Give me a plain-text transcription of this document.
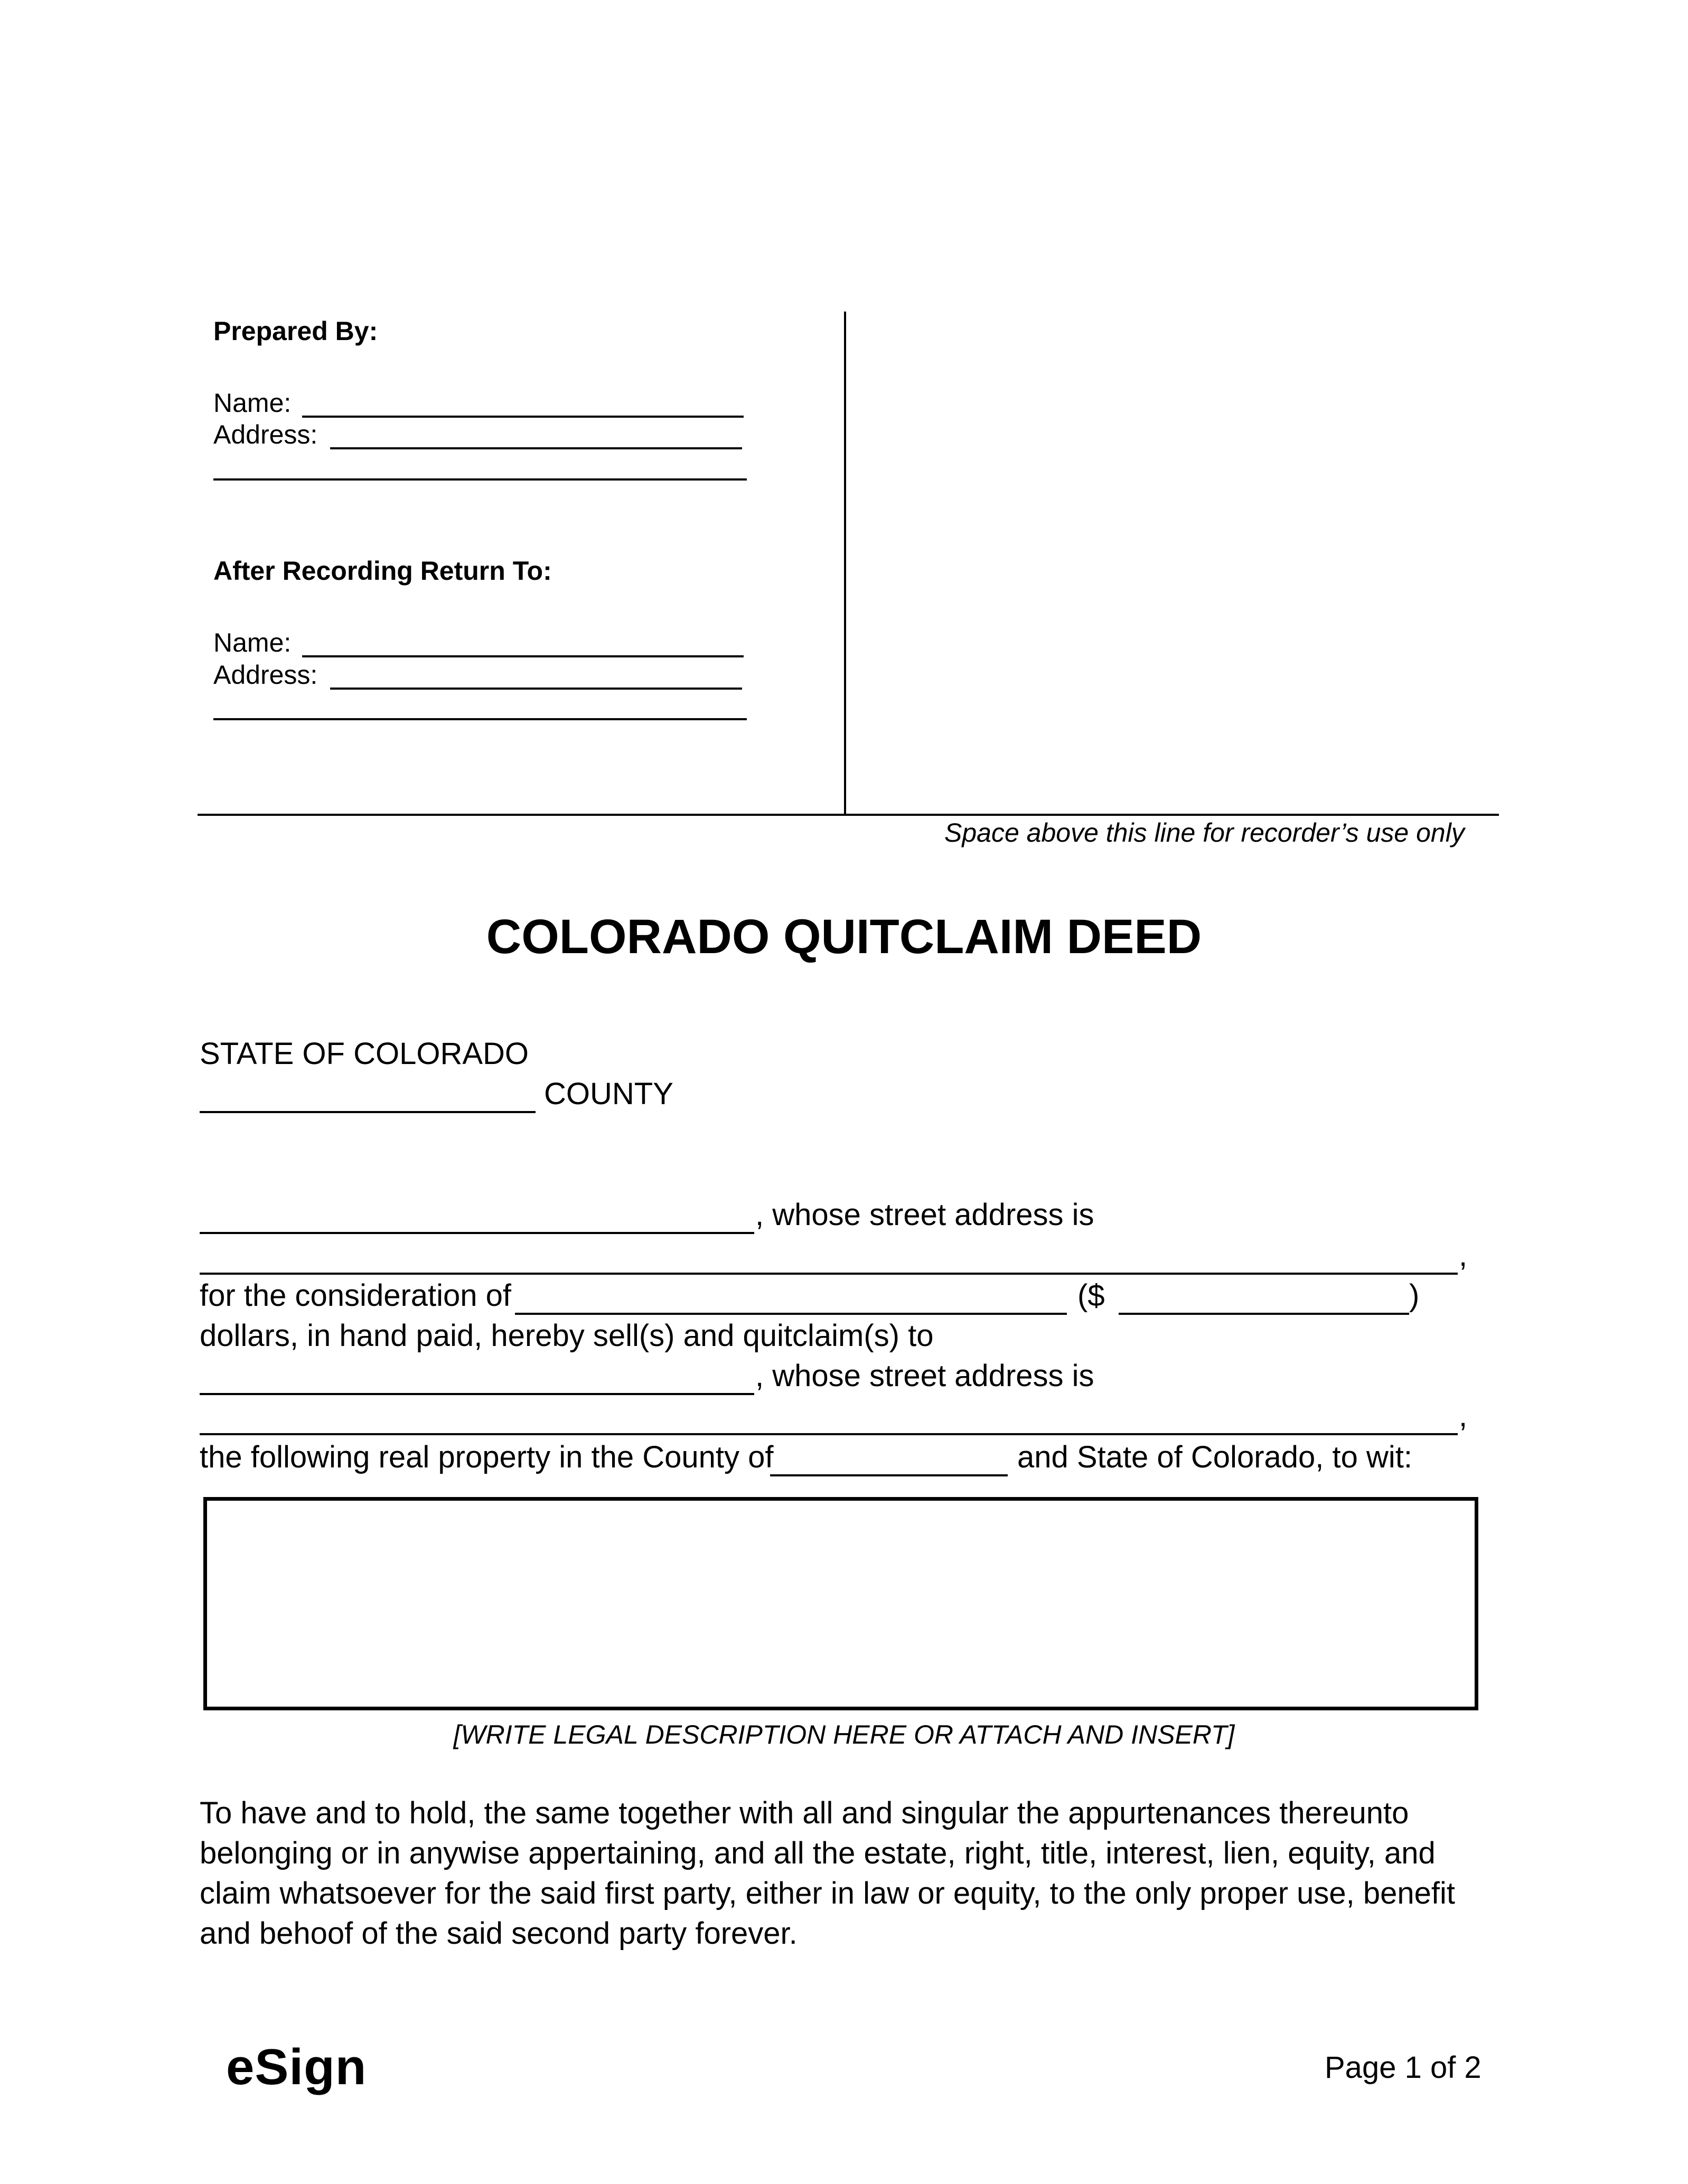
Prepared By:
Name:
Address:
After Recording Return To:
Name:
Address:
Space above this line for recorder’s use only
COLORADO QUITCLAIM DEED
STATE OF COLORADO
COUNTY
, whose street address is
,
for the consideration of	($	)
dollars, in hand paid, hereby sell(s) and quitclaim(s) to
, whose street address is
,
the following real property in the County of	and State of Colorado, to wit:
[WRITE LEGAL DESCRIPTION HERE OR ATTACH AND INSERT]
To have and to hold, the same together with all and singular the appurtenances thereunto
belonging or in anywise appertaining, and all the estate, right, title, interest, lien, equity, and
claim whatsoever for the said first party, either in law or equity, to the only proper use, benefit
and behoof of the said second party forever.
eSign	Page 1 of 2
